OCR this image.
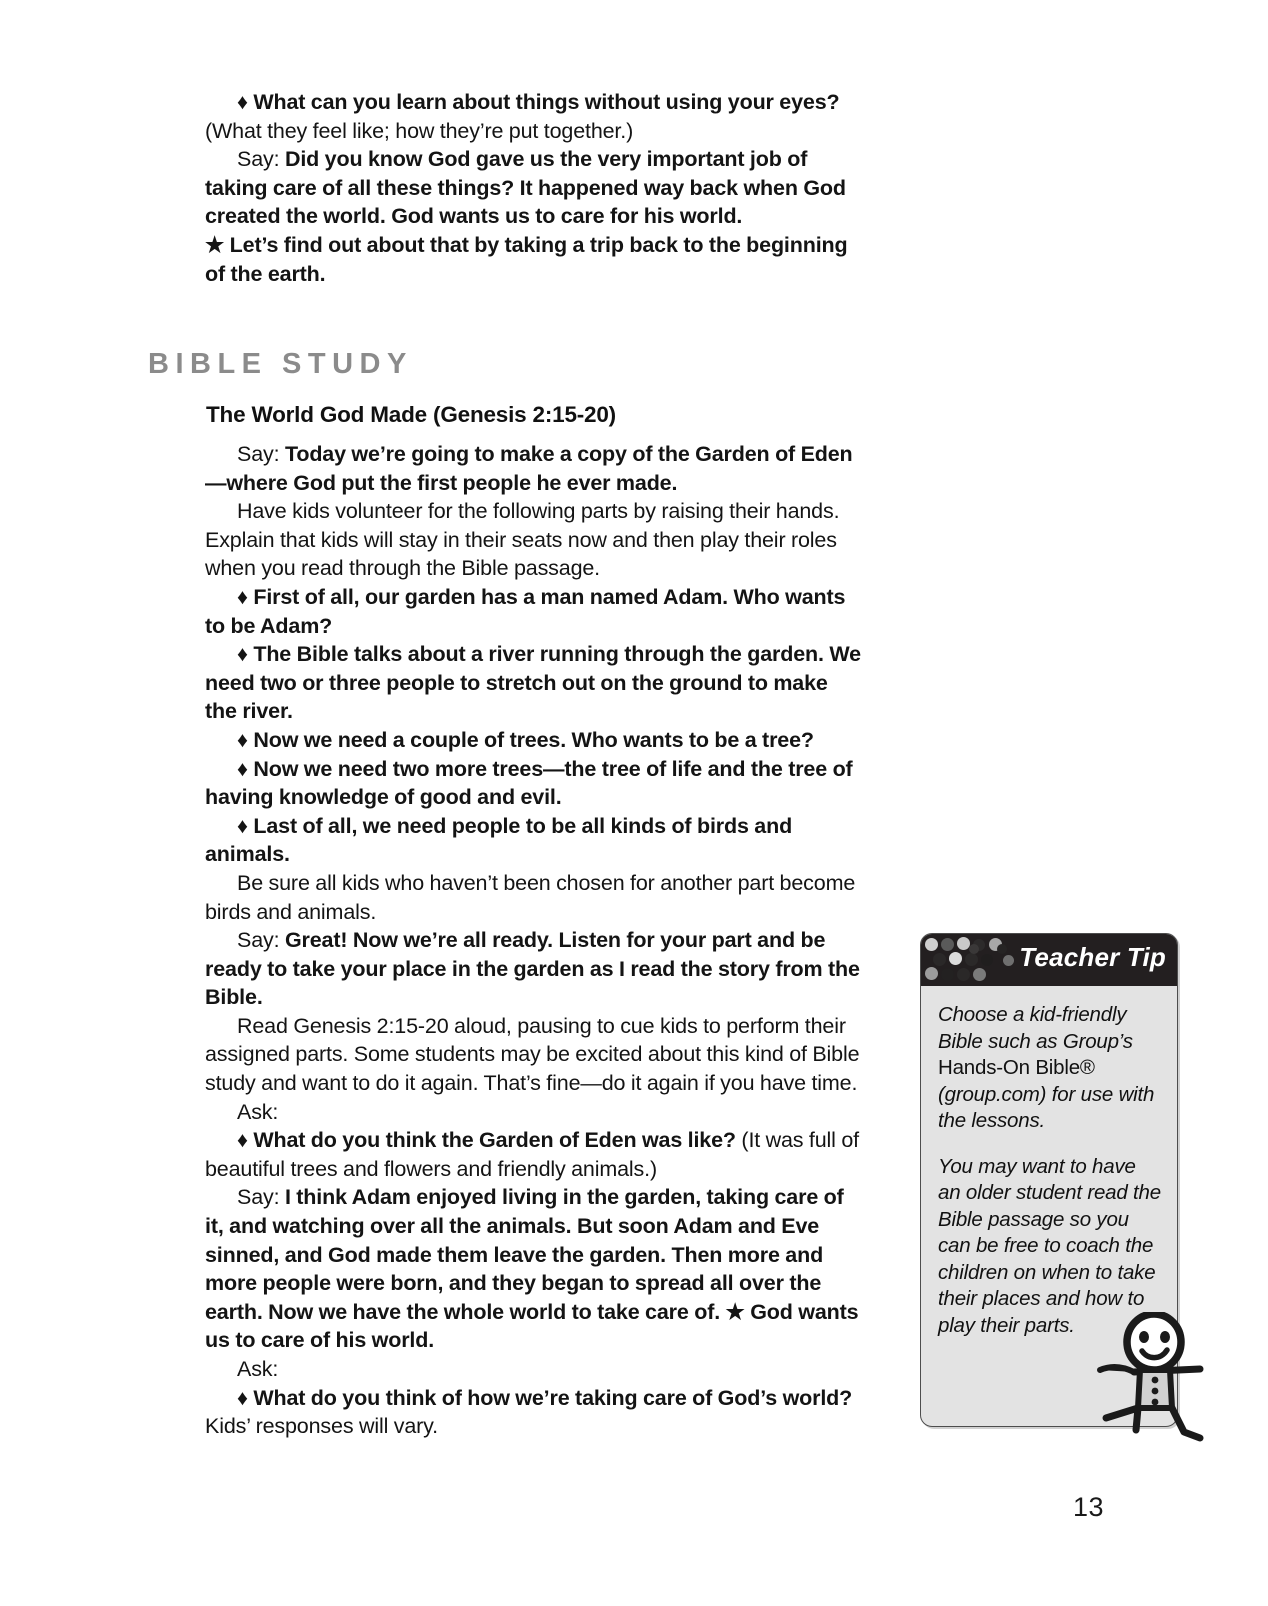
♦ What can you learn about things without using your eyes? (What they feel like; how they’re put together.)

Say: Did you know God gave us the very important job of taking care of all these things? It happened way back when God created the world. God wants us to care for his world.

★ Let’s find out about that by taking a trip back to the beginning of the earth.

BIBLE STUDY
The World God Made (Genesis 2:15-20)

Say: Today we’re going to make a copy of the Garden of Eden—where God put the first people he ever made.

Have kids volunteer for the following parts by raising their hands. Explain that kids will stay in their seats now and then play their roles when you read through the Bible passage.

♦ First of all, our garden has a man named Adam. Who wants to be Adam?

♦ The Bible talks about a river running through the garden. We need two or three people to stretch out on the ground to make the river.

♦ Now we need a couple of trees. Who wants to be a tree?

♦ Now we need two more trees—the tree of life and the tree of having knowledge of good and evil.

♦ Last of all, we need people to be all kinds of birds and animals.

Be sure all kids who haven’t been chosen for another part become birds and animals.

Say: Great! Now we’re all ready. Listen for your part and be ready to take your place in the garden as I read the story from the Bible.

Read Genesis 2:15-20 aloud, pausing to cue kids to perform their assigned parts. Some students may be excited about this kind of Bible study and want to do it again. That’s fine—do it again if you have time.

Ask:

♦ What do you think the Garden of Eden was like? (It was full of beautiful trees and flowers and friendly animals.)

Say: I think Adam enjoyed living in the garden, taking care of it, and watching over all the animals. But soon Adam and Eve sinned, and God made them leave the garden. Then more and more people were born, and they began to spread all over the earth. Now we have the whole world to take care of. ★ God wants us to care of his world.

Ask:

♦ What do you think of how we’re taking care of God’s world? Kids’ responses will vary.

Teacher Tip

Choose a kid-friendly Bible such as Group’s Hands-On Bible® (group.com) for use with the lessons.

You may want to have an older student read the Bible passage so you can be free to coach the children on when to take their places and how to play their parts.

13
